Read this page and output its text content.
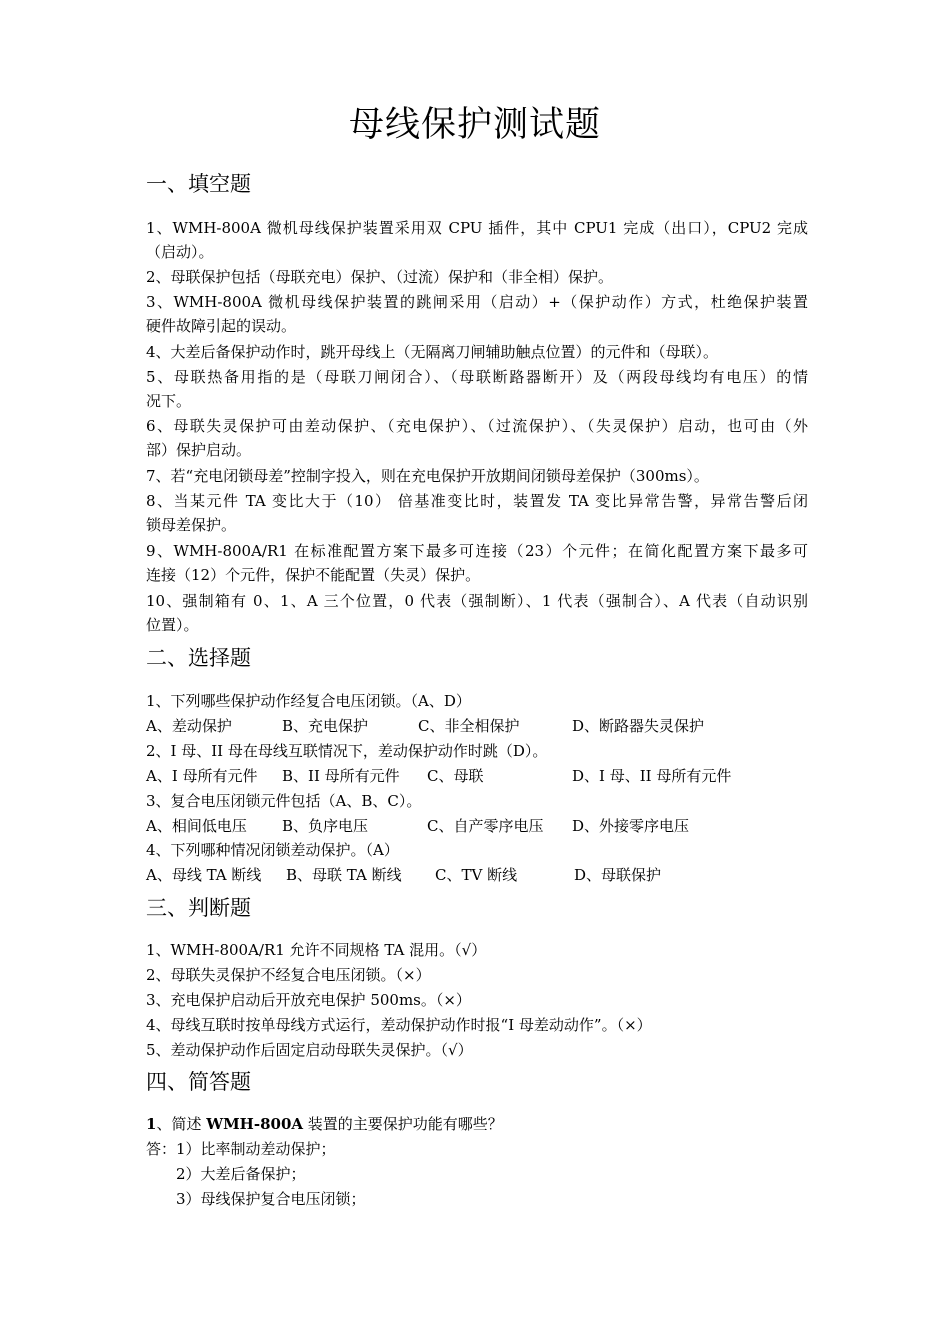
母线保护测试题
一、填空题
1、WMH-800A 微机母线保护装置采用双 CPU 插件，其中 CPU1 完成（出口），CPU2 完成
（启动）。
2、母联保护包括（母联充电）保护、（过流）保护和（非全相）保护。
3、WMH-800A 微机母线保护装置的跳闸采用（启动）+（保护动作）方式，杜绝保护装置
硬件故障引起的误动。
4、大差后备保护动作时，跳开母线上（无隔离刀闸辅助触点位置）的元件和（母联）。
5、母联热备用指的是（母联刀闸闭合）、（母联断路器断开）及（两段母线均有电压）的情
况下。
6、母联失灵保护可由差动保护、（充电保护）、（过流保护）、（失灵保护）启动，也可由（外
部）保护启动。
7、若“充电闭锁母差”控制字投入，则在充电保护开放期间闭锁母差保护（300ms）。
8、当某元件 TA 变比大于（10） 倍基准变比时，装置发 TA 变比异常告警，异常告警后闭
锁母差保护。
9、WMH-800A/R1 在标准配置方案下最多可连接（23）个元件；在简化配置方案下最多可
连接（12）个元件，保护不能配置（失灵）保护。
10、强制箱有 0、1、A 三个位置，0 代表（强制断）、1 代表（强制合）、A 代表（自动识别
位置）。
二、选择题
1、下列哪些保护动作经复合电压闭锁。（A、D）
A、差动保护	B、充电保护	C、非全相保护	D、断路器失灵保护
2、I 母、II 母在母线互联情况下，差动保护动作时跳（D）。
A、I 母所有元件 B、II 母所有元件 C、母联	D、I 母、II 母所有元件
3、复合电压闭锁元件包括（A、B、C）。
A、相间低电压 B、负序电压	C、自产零序电压 D、外接零序电压
4、下列哪种情况闭锁差动保护。（A）
A、母线 TA 断线 B、母联 TA 断线 C、TV 断线	D、母联保护
三、判断题
1、WMH-800A/R1 允许不同规格 TA 混用。（√）
2、母联失灵保护不经复合电压闭锁。（×）
3、充电保护启动后开放充电保护 500ms。（×）
4、母线互联时按单母线方式运行，差动保护动作时报“I 母差动动作”。（×）
5、差动保护动作后固定启动母联失灵保护。（√）
四、简答题
1、简述 WMH-800A 装置的主要保护功能有哪些？
答：1）比率制动差动保护；
2）大差后备保护；
3）母线保护复合电压闭锁；
